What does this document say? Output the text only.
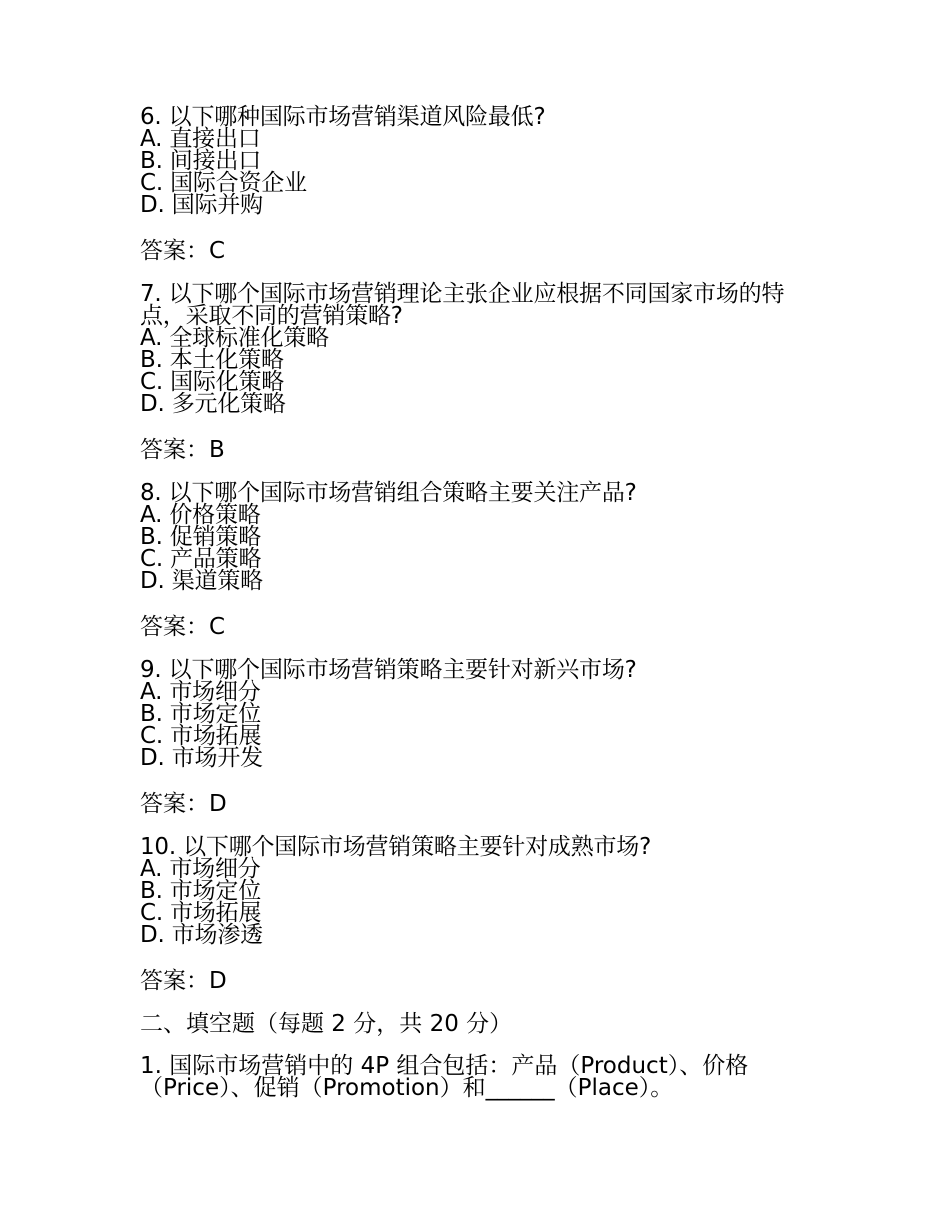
6. 以下哪种国际市场营销渠道风险最低?
A. 直接出口
B. 间接出口
C. 国际合资企业
D. 国际并购
答案：C
7. 以下哪个国际市场营销理论主张企业应根据不同国家市场的特点，采取不同的营销策略?
A. 全球标准化策略
B. 本土化策略
C. 国际化策略
D. 多元化策略
答案：B
8. 以下哪个国际市场营销组合策略主要关注产品?
A. 价格策略
B. 促销策略
C. 产品策略
D. 渠道策略
答案：C
9. 以下哪个国际市场营销策略主要针对新兴市场?
A. 市场细分
B. 市场定位
C. 市场拓展
D. 市场开发
答案：D
10. 以下哪个国际市场营销策略主要针对成熟市场?
A. 市场细分
B. 市场定位
C. 市场拓展
D. 市场渗透
答案：D
二、填空题（每题 2 分，共 20 分）
1. 国际市场营销中的 4P 组合包括：产品（Product）、价格（Price）、促销（Promotion）和______（Place）。
